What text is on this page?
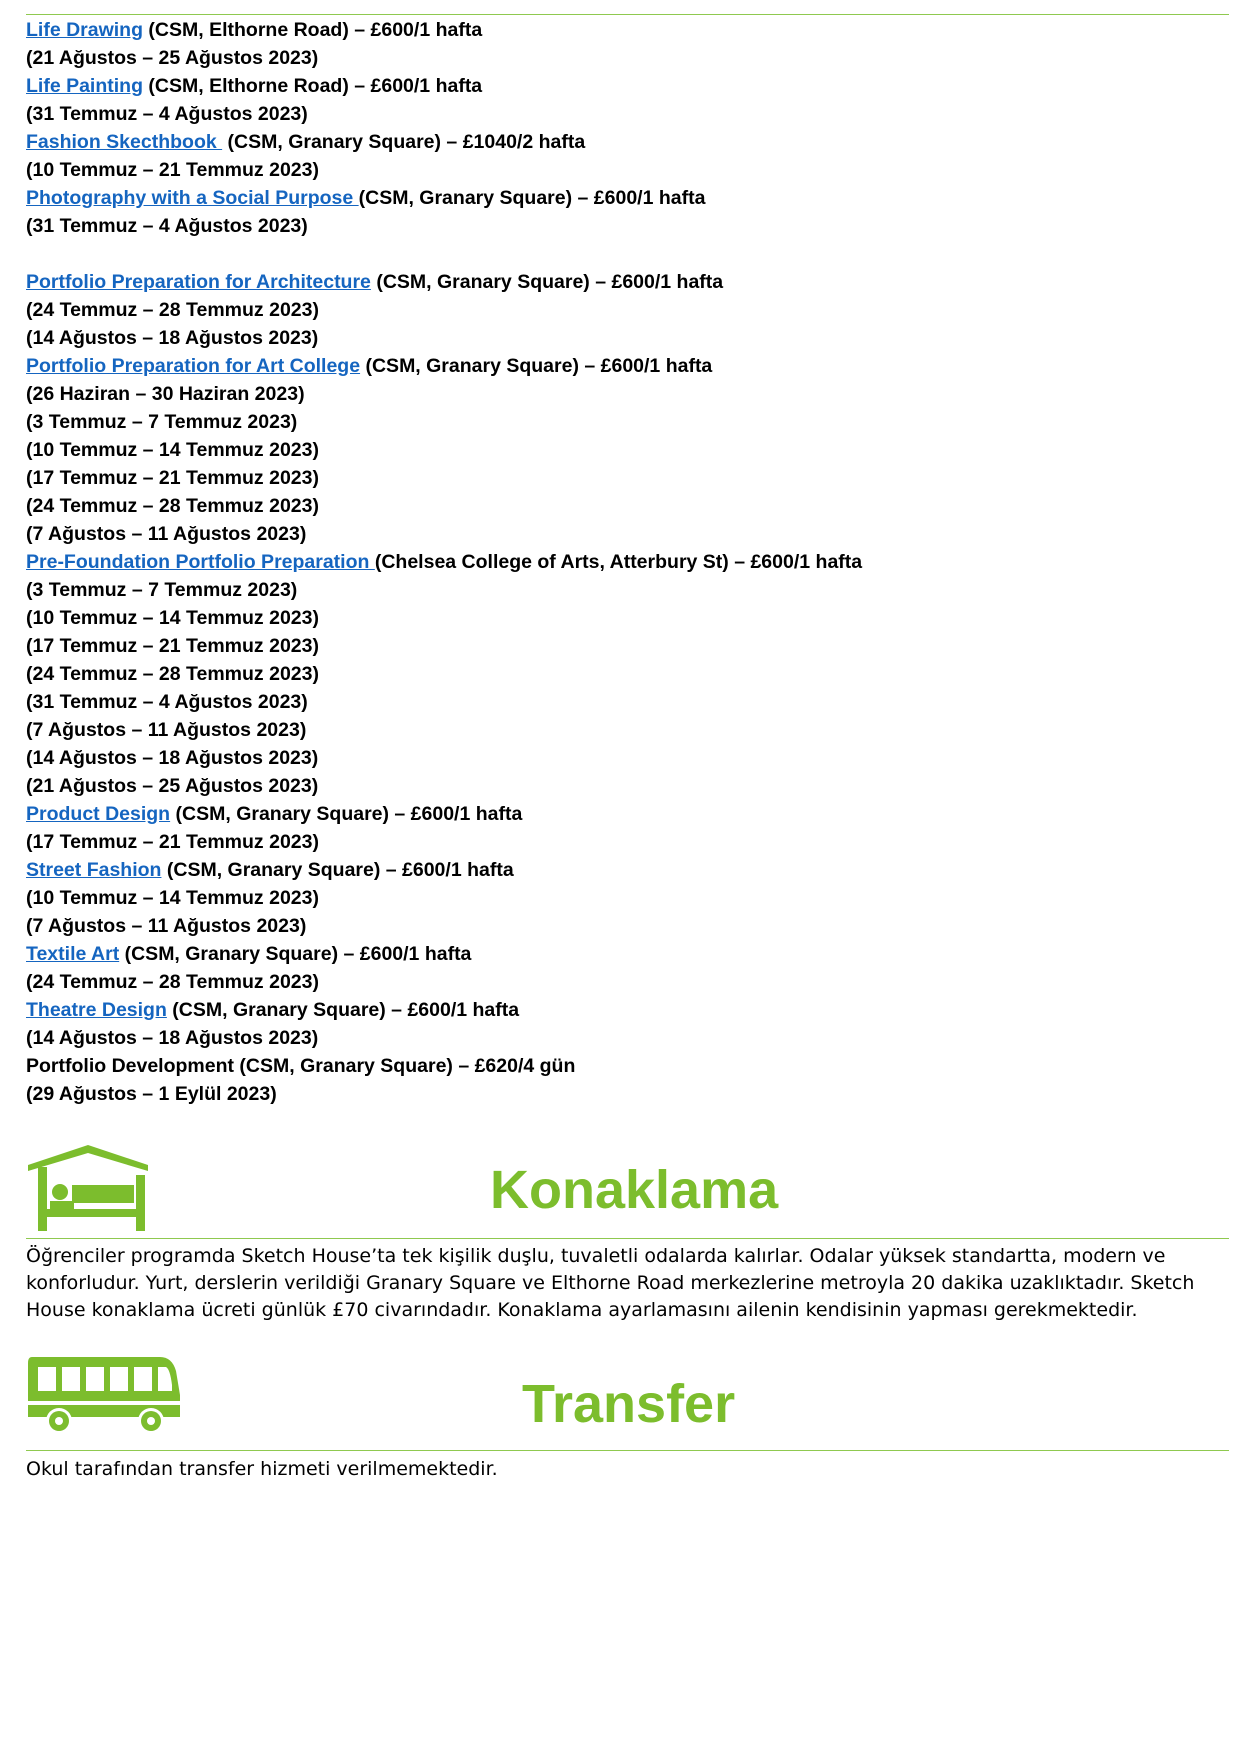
Life Drawing (CSM, Elthorne Road) – £600/1 hafta
(21 Ağustos – 25 Ağustos 2023)
Life Painting (CSM, Elthorne Road) – £600/1 hafta
(31 Temmuz – 4 Ağustos 2023)
Fashion Skecthbook  (CSM, Granary Square) – £1040/2 hafta
(10 Temmuz – 21 Temmuz 2023)
Photography with a Social Purpose (CSM, Granary Square) – £600/1 hafta
(31 Temmuz – 4 Ağustos 2023)
Portfolio Preparation for Architecture (CSM, Granary Square) – £600/1 hafta
(24 Temmuz – 28 Temmuz 2023)
(14 Ağustos – 18 Ağustos 2023)
Portfolio Preparation for Art College (CSM, Granary Square) – £600/1 hafta
(26 Haziran – 30 Haziran 2023)
(3 Temmuz – 7 Temmuz 2023)
(10 Temmuz – 14 Temmuz 2023)
(17 Temmuz – 21 Temmuz 2023)
(24 Temmuz – 28 Temmuz 2023)
(7 Ağustos – 11 Ağustos 2023)
Pre-Foundation Portfolio Preparation (Chelsea College of Arts, Atterbury St) – £600/1 hafta
(3 Temmuz – 7 Temmuz 2023)
(10 Temmuz – 14 Temmuz 2023)
(17 Temmuz – 21 Temmuz 2023)
(24 Temmuz – 28 Temmuz 2023)
(31 Temmuz – 4 Ağustos 2023)
(7 Ağustos – 11 Ağustos 2023)
(14 Ağustos – 18 Ağustos 2023)
(21 Ağustos – 25 Ağustos 2023)
Product Design (CSM, Granary Square) – £600/1 hafta
(17 Temmuz – 21 Temmuz 2023)
Street Fashion (CSM, Granary Square) – £600/1 hafta
(10 Temmuz – 14 Temmuz 2023)
(7 Ağustos – 11 Ağustos 2023)
Textile Art (CSM, Granary Square) – £600/1 hafta
(24 Temmuz – 28 Temmuz 2023)
Theatre Design (CSM, Granary Square) – £600/1 hafta
(14 Ağustos – 18 Ağustos 2023)
Portfolio Development (CSM, Granary Square) – £620/4 gün
(29 Ağustos – 1 Eylül 2023)
Konaklama
Öğrenciler programda Sketch House’ta tek kişilik duşlu, tuvaletli odalarda kalırlar. Odalar yüksek standartta, modern ve konforludur. Yurt, derslerin verildiği Granary Square ve Elthorne Road merkezlerine metroyla 20 dakika uzaklıktadır. Sketch House konaklama ücreti günlük £70 civarındadır. Konaklama ayarlamasını ailenin kendisinin yapması gerekmektedir.
Transfer
Okul tarafından transfer hizmeti verilmemektedir.
